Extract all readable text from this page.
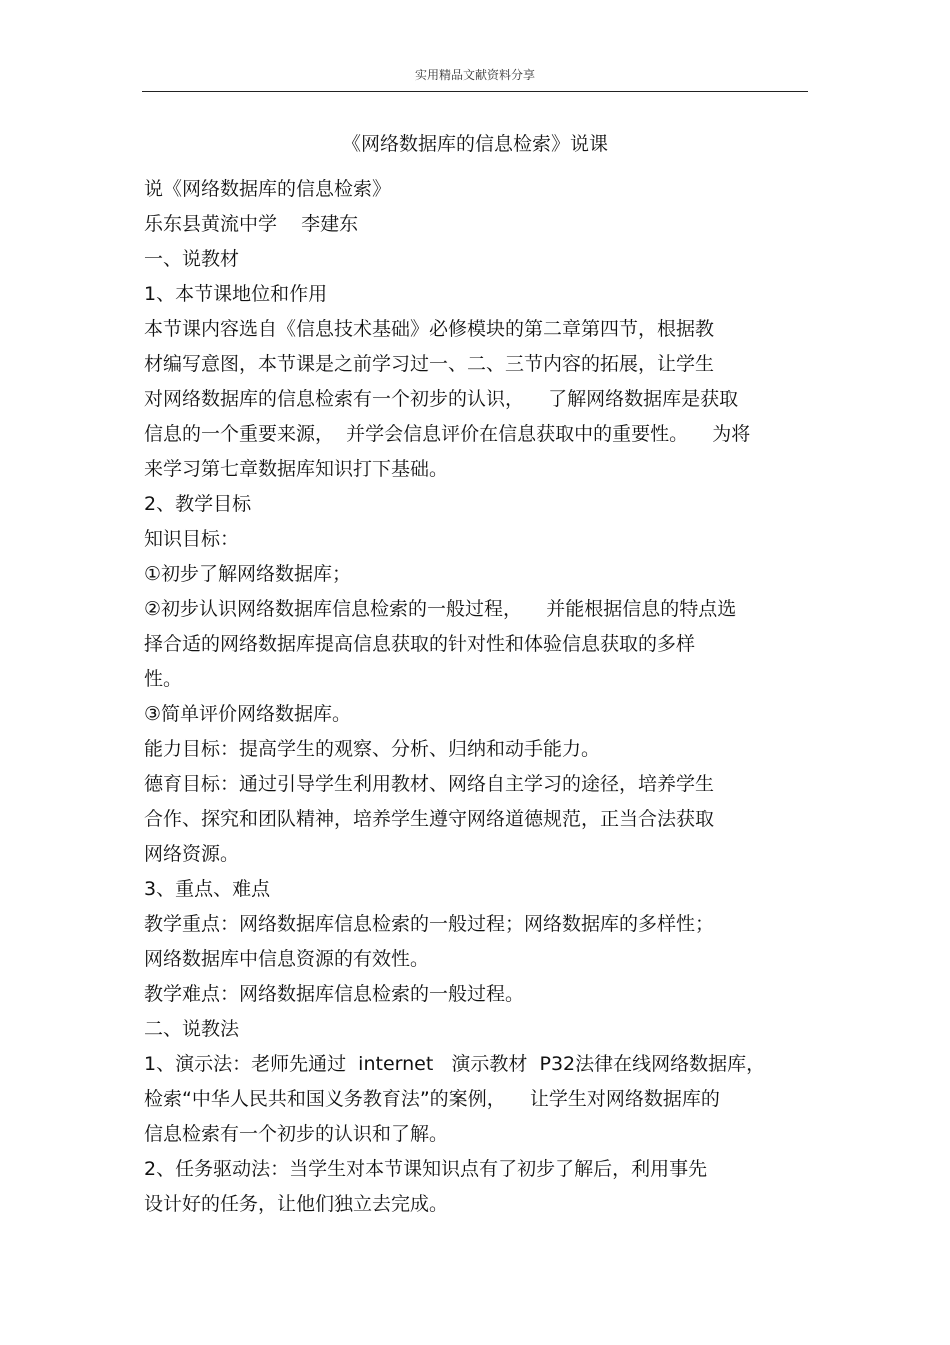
实用精品文献资料分享
《网络数据库的信息检索》说课
说《网络数据库的信息检索》
乐东县黄流中学    李建东
一、说教材
1、本节课地位和作用
本节课内容选自《信息技术基础》必修模块的第二章第四节，根据教
材编写意图，本节课是之前学习过一、二、三节内容的拓展，让学生
对网络数据库的信息检索有一个初步的认识，    了解网络数据库是获取
信息的一个重要来源，  并学会信息评价在信息获取中的重要性。    为将
来学习第七章数据库知识打下基础。
2、教学目标
知识目标：
①初步了解网络数据库；
②初步认识网络数据库信息检索的一般过程，    并能根据信息的特点选
择合适的网络数据库提高信息获取的针对性和体验信息获取的多样
性。
③简单评价网络数据库。
能力目标：提高学生的观察、分析、归纳和动手能力。
德育目标：通过引导学生利用教材、网络自主学习的途径，培养学生
合作、探究和团队精神，培养学生遵守网络道德规范，正当合法获取
网络资源。
3、重点、难点
教学重点：网络数据库信息检索的一般过程；网络数据库的多样性；
网络数据库中信息资源的有效性。
教学难点：网络数据库信息检索的一般过程。
二、说教法
1、演示法：老师先通过  internet   演示教材  P32法律在线网络数据库，
检索“中华人民共和国义务教育法”的案例，    让学生对网络数据库的
信息检索有一个初步的认识和了解。
2、任务驱动法：当学生对本节课知识点有了初步了解后，利用事先
设计好的任务，让他们独立去完成。
